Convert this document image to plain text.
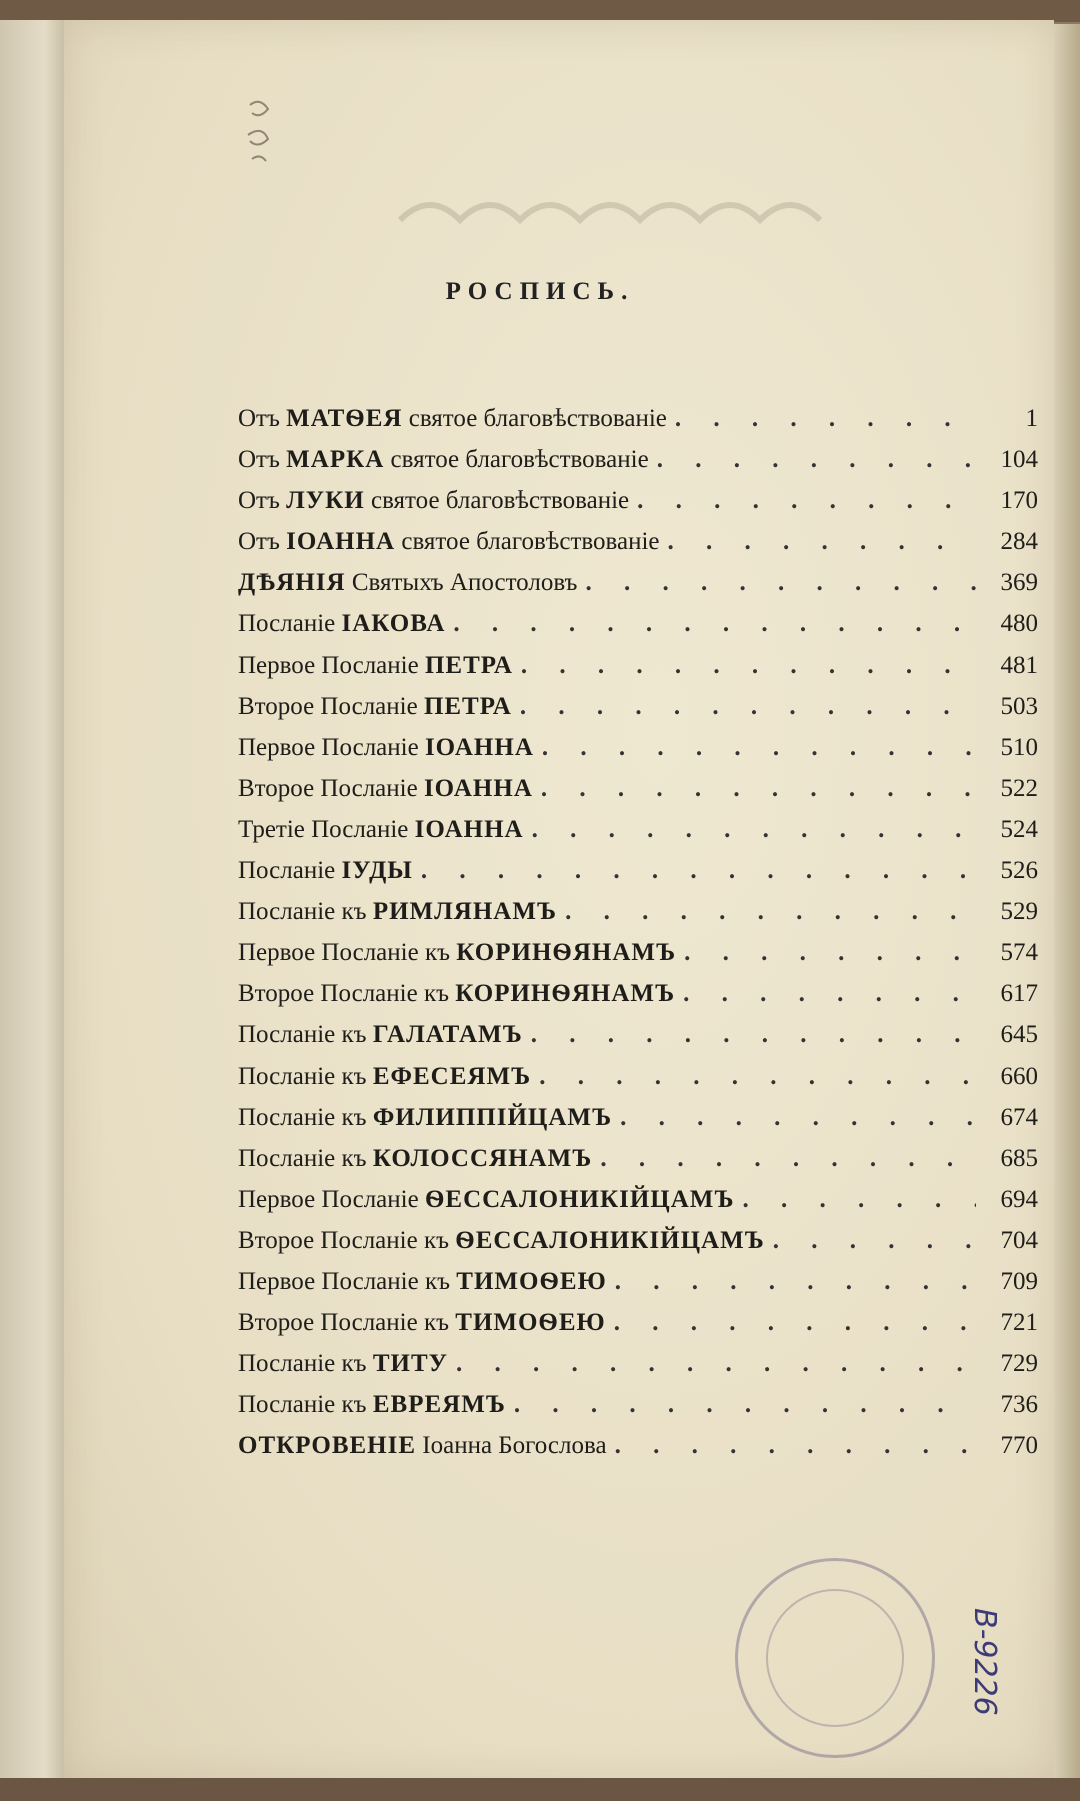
РОСПИСЬ.
Отъ МАТѲЕЯ святое благовѣствованіе . . .	1
Отъ МАРКА святое благовѣствованіе . . .	104
Отъ ЛУКИ святое благовѣствованіе . . .	170
Отъ ІОАННА святое благовѣствованіе . . .	284
ДѢЯНІЯ Святыхъ Апостоловъ . . .	369
Посланіе ІАКОВА . . .	480
Первое Посланіе ПЕТРА . . .	481
Второе Посланіе ПЕТРА . . .	503
Первое Посланіе ІОАННА . . .	510
Второе Посланіе ІОАННА . . .	522
Третіе Посланіе ІОАННА . . .	524
Посланіе ІУДЫ . . .	526
Посланіе къ РИМЛЯНАМЪ . . .	529
Первое Посланіе къ КОРИНѲЯНАМЪ . . .	574
Второе Посланіе къ КОРИНѲЯНАМЪ . . .	617
Посланіе къ ГАЛАТАМЪ . . .	645
Посланіе къ ЕФЕСЕЯМЪ . . .	660
Посланіе къ ФИЛИППІЙЦАМЪ . . .	674
Посланіе къ КОЛОССЯНАМЪ . . .	685
Первое Посланіе ѲЕССАЛОНИКІЙЦАМЪ . . .	694
Второе Посланіе къ ѲЕССАЛОНИКІЙЦАМЪ . . .	704
Первое Посланіе къ ТИМОѲЕЮ . . .	709
Второе Посланіе къ ТИМОѲЕЮ . . .	721
Посланіе къ ТИТУ . . .	729
Посланіе къ ЕВРЕЯМЪ . . .	736
ОТКРОВЕНІЕ Іоанна Богослова . . .	770
В-9226
